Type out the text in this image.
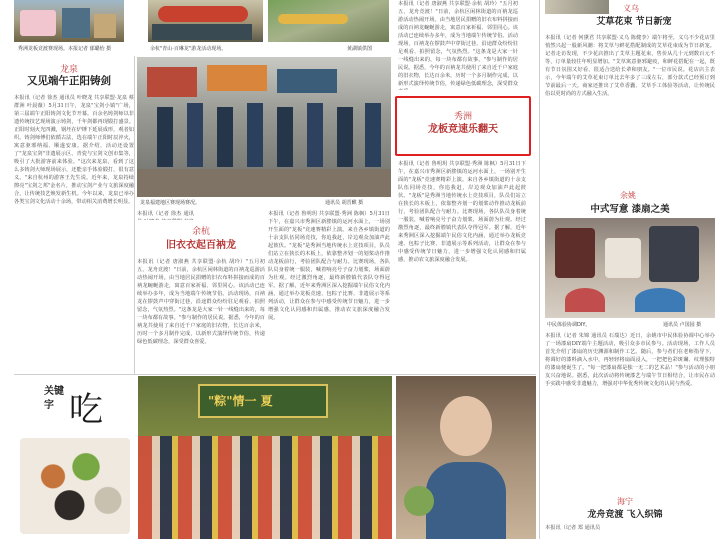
秀洲龙板竞渡赛现场。本报记者 郁璐怡 摄
龙泉
又见端午正阳铸剑
本报讯（记者 徐杰 通讯员 叶晓龙 共享联盟·龙泉 蔡群洲 叶晨薇）5月31日午，龙泉"宝剑小镇"广场，第三届端午正阳铸剑文化节开幕。百余名铸剑师以非遗传统技艺现场演示铸剑，千年剑都再现锻打盛景。正阳时刻火光四溅，钢坯在炉锤下延展成形，观者如织。铸剑师傅们依循古法，选在端午正阳时辰淬火，寓意驱邪纳福、顺遂安康。据介绍，活动还设置了"龙泉宝剑"非遗展示区、青瓷与宝剑文创市集等，吸引了大批游客前来体验。"这次来龙泉，看到了这么多铸剑大师现场展示，还能亲手体验锻打，很有意义。"来自杭州的游客王先生说。近年来，龙泉持续擦亮"宝剑之邦"金名片，推动宝剑产业与文旅深度融合，让传统技艺焕发新生机。今年以来，龙泉已举办各类宝剑文化活动十余场，带动相关消费增长明显。
余杭"青山·百琳龙"游龙活动现场。	黄湖镇供图
龙泉福建地区赛现场赛况。	通讯员 胡晋麒 摄
本报讯（记者 唐淑燕 共享联盟·余杭 胡玲）"五月初五，龙舟竞渡！"日前，余杭区闲林街道的百衲龙巡游活动热闹开场。由当地居民捐赠的旧衣布料拼接而成的百衲龙蜿蜒游走，寓意百家祈福、邻里同心。该活动已连续举办多年，成为当地端午传统节俗。活动现场，百衲龙在锣鼓声中穿街过巷，沿途群众纷纷驻足观看、拍照留念，气氛热烈。"这条龙是大家一针一线缝出来的，每一块布都有故事。"参与制作的居民说。据悉，今年的百衲龙共使用了来自近千户家庭的旧衣物，长达百余米，历时一个多月制作完成，以新形式演绎传统节俗，传递绿色低碳理念，深受群众
本报讯（记者 徐杰 通讯
余杭
旧衣衣起百衲龙
本报讯（记者 唐淑燕 共享联盟·余杭 胡玲）"五月初五，龙舟竞渡！"日前，余杭区闲林街道的百衲龙巡游活动热闹开场。由当地居民捐赠的旧衣布料拼接而成的百衲龙蜿蜒游走，寓意百家祈福、邻里同心。该活动已连续举办多年，成为当地端午传统节俗。活动现场，百衲龙在锣鼓声中穿街过巷，沿途群众纷纷驻足观看、拍照留念，气氛热烈。"这条龙是大家一针一线缝出来的，每一块布都有故事。"参与制作的居民说。据悉，今年的百衲龙共使用了来自近千户家庭的旧衣物，长达百余米，历时一个多月制作完成，以新形式演绎传统节俗，传递绿色低碳理念，深受群众喜爱。
本报讯（记者 鲁明玥 共享联盟·秀洲 陈枫）5月31日下午，在嘉兴市秀洲区新塍镇的运河水面上，一场别开生面的"龙板"竞速赛精彩上演。来自各乡镇街道的十余支队伍同场竞技，你追我赶，岸边观众加油声此起彼伏。"龙板"是秀洲当地传统水上竞技项目，队员们站立在狭长的木板上，依靠整齐划一的划桨动作推动龙板前行，考验团队配合与耐力。比赛现场，各队队员身着统一服装，喊着响亮号子奋力划桨，场面蔚为壮观。经过激烈角逐，最终新塍镇代表队夺得冠军。据了解，近年来秀洲区深入挖掘端午民俗文化内涵，通过举办龙板竞速、包粽子比赛、非遗展示等系列活动，让群众在参与中感受传统节日魅力，进一步增强文化认同感和归属感，推动农文旅深度融合发展。
秀洲
龙板竞速乐翻天
本报讯（记者 鲁明玥 共享联盟·秀洲 陈枫）5月31日下午，在嘉兴市秀洲区新塍镇的运河水面上，一场别开生面的"龙板"竞速赛精彩上演。来自各乡镇街道的十余支队伍同场竞技，你追我赶，岸边观众加油声此起彼伏。"龙板"是秀洲当地传统水上竞技项目，队员们站立在狭长的木板上，依靠整齐划一的划桨动作推动龙板前行，考验团队配合与耐力。比赛现场，各队队员身着统一服装，喊着响亮号子奋力划桨，场面蔚为壮观。经过激烈角逐，最终新塍镇代表队夺得冠军。据了解，近年来秀洲区深入挖掘端午民俗文化内涵，通过举办龙板竞速、包粽子比赛、非遗展示等系列活动，让群众在参与中感受传统节日魅力，进一步增强文化认同感和归属感，推动农文旅深度融合发展。
义乌
艾草花束 节日新宠
本报讯（记者 何黛君 共享联盟·义乌 陈健李）端午将至，义乌不少花店里悄然兴起一股新风潮：将艾草与鲜花搭配制成的艾草花束成为节日新宠。记者走访发现，不少花店推出了艾草主题花束，售价从几十元到数百元不等，订单量较往年明显增加。"艾草寓意驱邪避疫，和鲜花搭配在一起，既有节日氛围又好看，很适合送给长辈和朋友。"一位市民说。花店店主表示，今年端午的艾草花束订单比去年多了三成左右，部分款式已经预订到节前最后一天。商家还推出了艾草香囊、艾草手工体验等活动，让传统民俗以更时尚的方式融入生活。
余姚
中式写意 漆扇之美
中民体验协调DIY。	通讯员 卢国园 摄
本报讯（记者 朱锦 通讯员 石瑞达）近日，余姚市中民体验协调中心举办了一场漆扇DIY端午主题活动，吸引众多市民参与。活动现场，工作人员首先介绍了漆扇的历史渊源和制作工艺。随后，参与者们在老师指导下，将调好的漆料滴入水中，再轻轻将扇面浸入，一把把色彩斑斓、纹理独特的漆扇便诞生了。"每一把漆扇都是独一无二的艺术品！"参与活动的小朋友兴奋地说。据悉，此次活动将传统漆艺与端午节日相结合，让市民在动手实践中感受非遗魅力，增强对中华优秀传统文化的认同与热爱。
海宁
龙舟竞渡 飞入织锦
本报讯（记者 郑 通讯员
关键
字 吃	"粽"情一 夏
